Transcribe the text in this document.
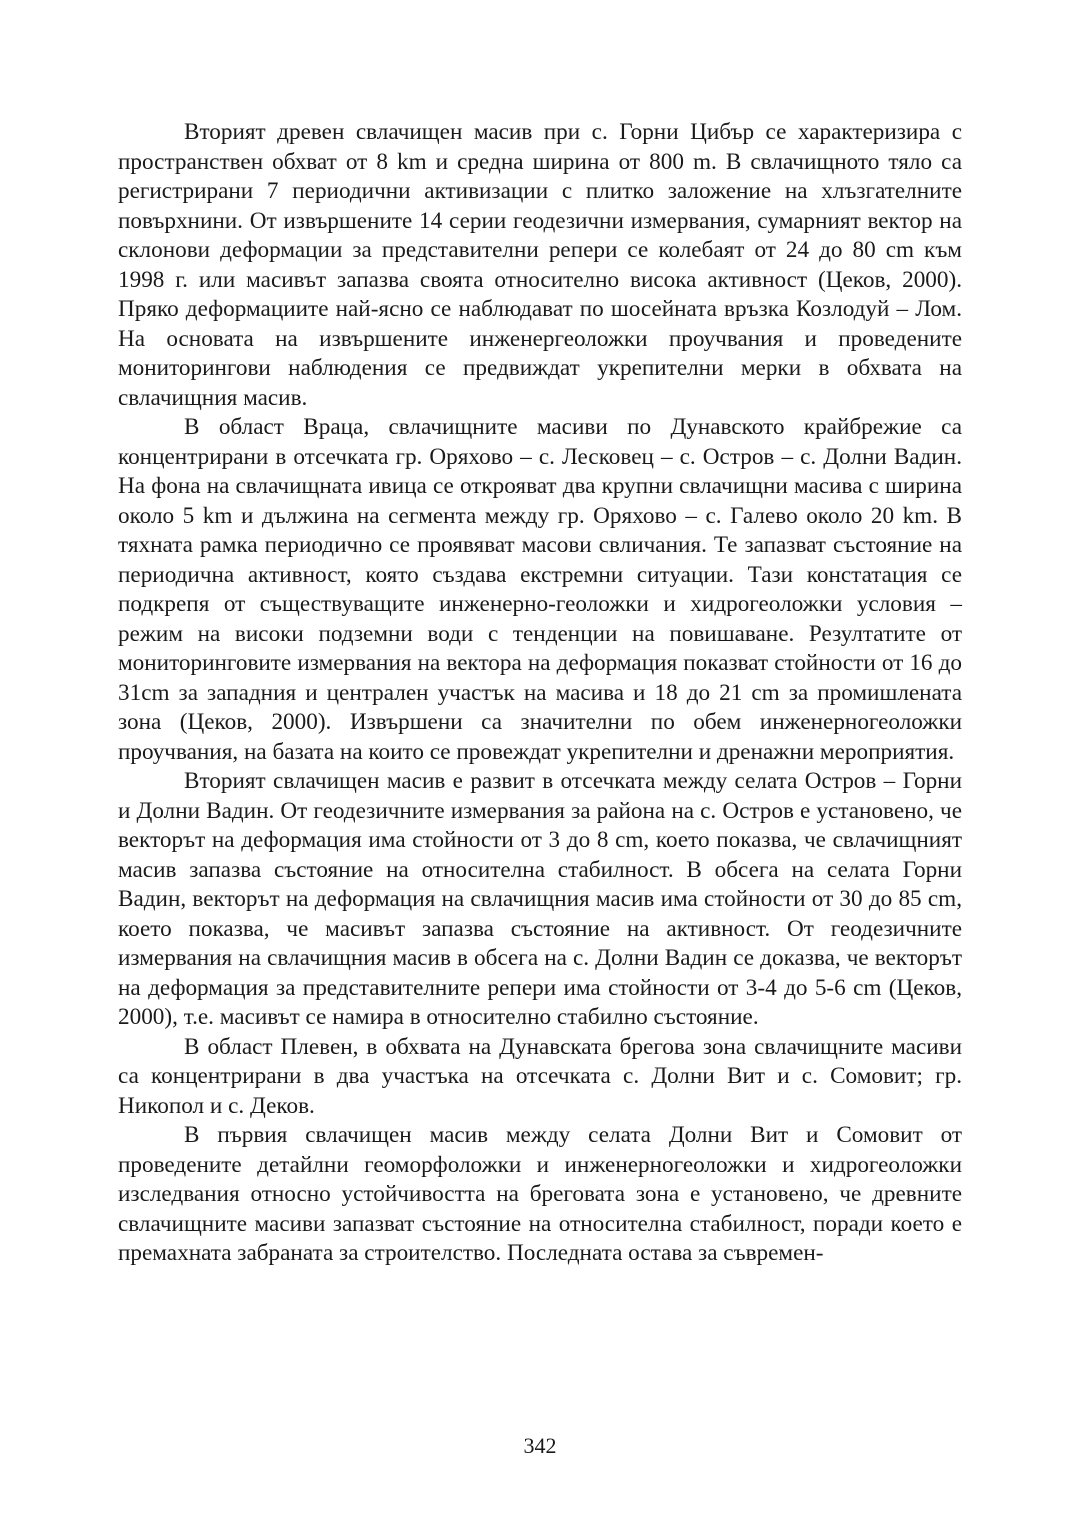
Вторият древен свлачищен масив при с. Горни Цибър се характеризира с пространствен обхват от 8 km и средна ширина от 800 m. В свлачищното тяло са регистрирани 7 периодични активизации с плитко заложение на хлъзгателните повърхнини. От извършените 14 серии геодезични измервания, сумарният вектор на склонови деформации за представителни репери се колебаят от 24 до 80 cm към 1998 г. или масивът запазва своята относително висока активност (Цеков, 2000). Пряко деформациите най-ясно се наблюдават по шосейната връзка Козлодуй – Лом. На основата на извършените инженергеоложки проучвания и проведените мониторингови наблюдения се предвиждат укрепителни мерки в обхвата на свлачищния масив.

В област Враца, свлачищните масиви по Дунавското крайбрежие са концентрирани в отсечката гр. Оряхово – с. Лесковец – с. Остров – с. Долни Вадин. На фона на свлачищната ивица се открояват два крупни свлачищни масива с ширина около 5 km и дължина на сегмента между гр. Оряхово – с. Галево около 20 km. В тяхната рамка периодично се проявяват масови свличания. Те запазват състояние на периодична активност, която създава екстремни ситуации. Тази констатация се подкрепя от съществуващите инженерно-геоложки и хидрогеоложки условия – режим на високи подземни води с тенденции на повишаване. Резултатите от мониторинговите измервания на вектора на деформация показват стойности от 16 до 31cm за западния и централен участък на масива и 18 до 21 cm за промишлената зона (Цеков, 2000). Извършени са значителни по обем инженерногеоложки проучвания, на базата на които се провеждат укрепителни и дренажни мероприятия.

Вторият свлачищен масив е развит в отсечката между селата Остров – Горни и Долни Вадин. От геодезичните измервания за района на с. Остров е установено, че векторът на деформация има стойности от 3 до 8 cm, което показва, че свлачищният масив запазва състояние на относителна стабилност. В обсега на селата Горни Вадин, векторът на деформация на свлачищния масив има стойности от 30 до 85 cm, което показва, че масивът запазва състояние на активност. От геодезичните измервания на свлачищния масив в обсега на с. Долни Вадин се доказва, че векторът на деформация за представителните репери има стойности от 3-4 до 5-6 cm (Цеков, 2000), т.е. масивът се намира в относително стабилно състояние.

В област Плевен, в обхвата на Дунавската брегова зона свлачищните масиви са концентрирани в два участъка на отсечката с. Долни Вит и с. Сомовит; гр. Никопол и с. Деков.

В първия свлачищен масив между селата Долни Вит и Сомовит от проведените детайлни геоморфоложки и инженерногеоложки и хидрогеоложки изследвания относно устойчивостта на бреговата зона е установено, че древните свлачищните масиви запазват състояние на относителна стабилност, поради което е премахната забраната за строителство. Последната остава за съвремен-

342
